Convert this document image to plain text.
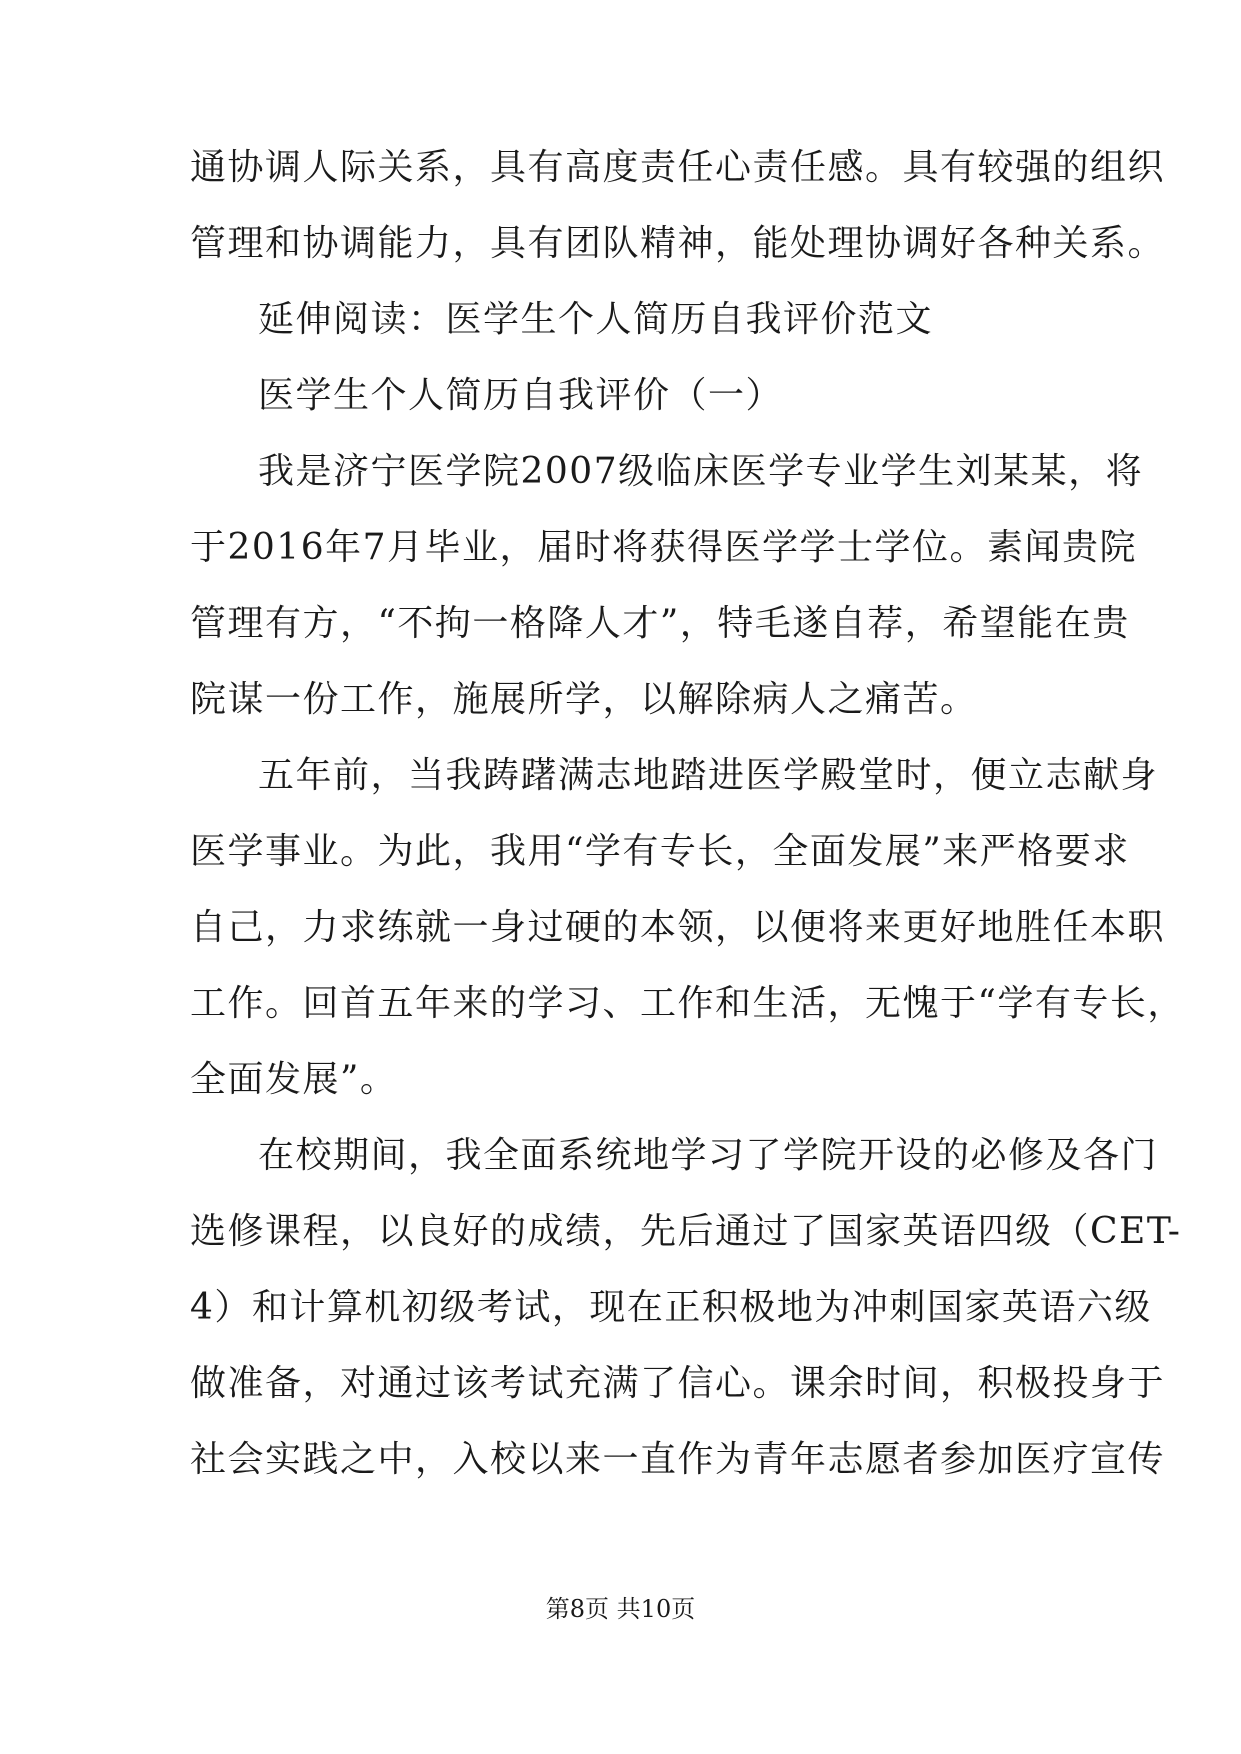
通协调人际关系，具有高度责任心责任感。具有较强的组织
管理和协调能力，具有团队精神，能处理协调好各种关系。
延伸阅读：医学生个人简历自我评价范文
医学生个人简历自我评价（一）
我是济宁医学院2007级临床医学专业学生刘某某，将
于2016年7月毕业，届时将获得医学学士学位。素闻贵院
管理有方，“不拘一格降人才”，特毛遂自荐，希望能在贵
院谋一份工作，施展所学，以解除病人之痛苦。
五年前，当我踌躇满志地踏进医学殿堂时，便立志献身
医学事业。为此，我用“学有专长，全面发展”来严格要求
自己，力求练就一身过硬的本领，以便将来更好地胜任本职
工作。回首五年来的学习、工作和生活，无愧于“学有专长，
全面发展”。
在校期间，我全面系统地学习了学院开设的必修及各门
选修课程，以良好的成绩，先后通过了国家英语四级（CET-
4）和计算机初级考试，现在正积极地为冲刺国家英语六级
做准备，对通过该考试充满了信心。课余时间，积极投身于
社会实践之中，入校以来一直作为青年志愿者参加医疗宣传
第8页 共10页
